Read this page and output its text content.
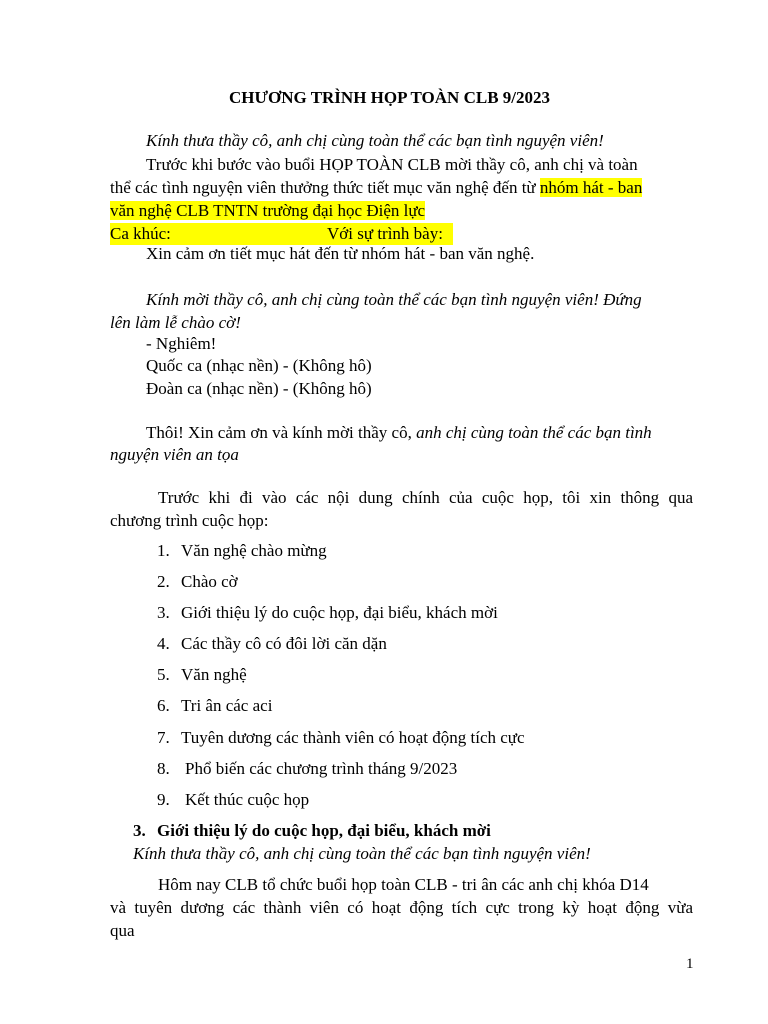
CHƯƠNG TRÌNH HỌP TOÀN CLB 9/2023
Kính thưa thầy cô, anh chị cùng toàn thể các bạn tình nguyện viên!
Trước khi bước vào buổi HỌP TOÀN CLB mời thầy cô, anh chị và toàn
thể các tình nguyện viên thưởng thức tiết mục văn nghệ đến từ nhóm hát - ban
văn nghệ CLB TNTN trường đại học Điện lực
Ca khúc:	Với sự trình bày:
Xin cảm ơn tiết mục hát đến từ nhóm hát - ban văn nghệ.
Kính mời thầy cô, anh chị cùng toàn thể các bạn tình nguyện viên! Đứng
lên làm lễ chào cờ!
- Nghiêm!
Quốc ca (nhạc nền) - (Không hô)
Đoàn ca (nhạc nền) - (Không hô)
Thôi! Xin cảm ơn và kính mời thầy cô, anh chị cùng toàn thể các bạn tình
nguyện viên an tọa
Trước khi đi vào các nội dung chính của cuộc họp, tôi xin thông qua
chương trình cuộc họp:
1. Văn nghệ chào mừng
2. Chào cờ
3. Giới thiệu lý do cuộc họp, đại biểu, khách mời
4. Các thầy cô có đôi lời căn dặn
5. Văn nghệ
6. Tri ân các aci
7. Tuyên dương các thành viên có hoạt động tích cực
8. Phổ biến các chương trình tháng 9/2023
9. Kết thúc cuộc họp
3. Giới thiệu lý do cuộc họp, đại biểu, khách mời
Kính thưa thầy cô, anh chị cùng toàn thể các bạn tình nguyện viên!
Hôm nay CLB tổ chức buổi họp toàn CLB - tri ân các anh chị khóa D14
và tuyên dương các thành viên có hoạt động tích cực trong kỳ hoạt động vừa
qua
1
